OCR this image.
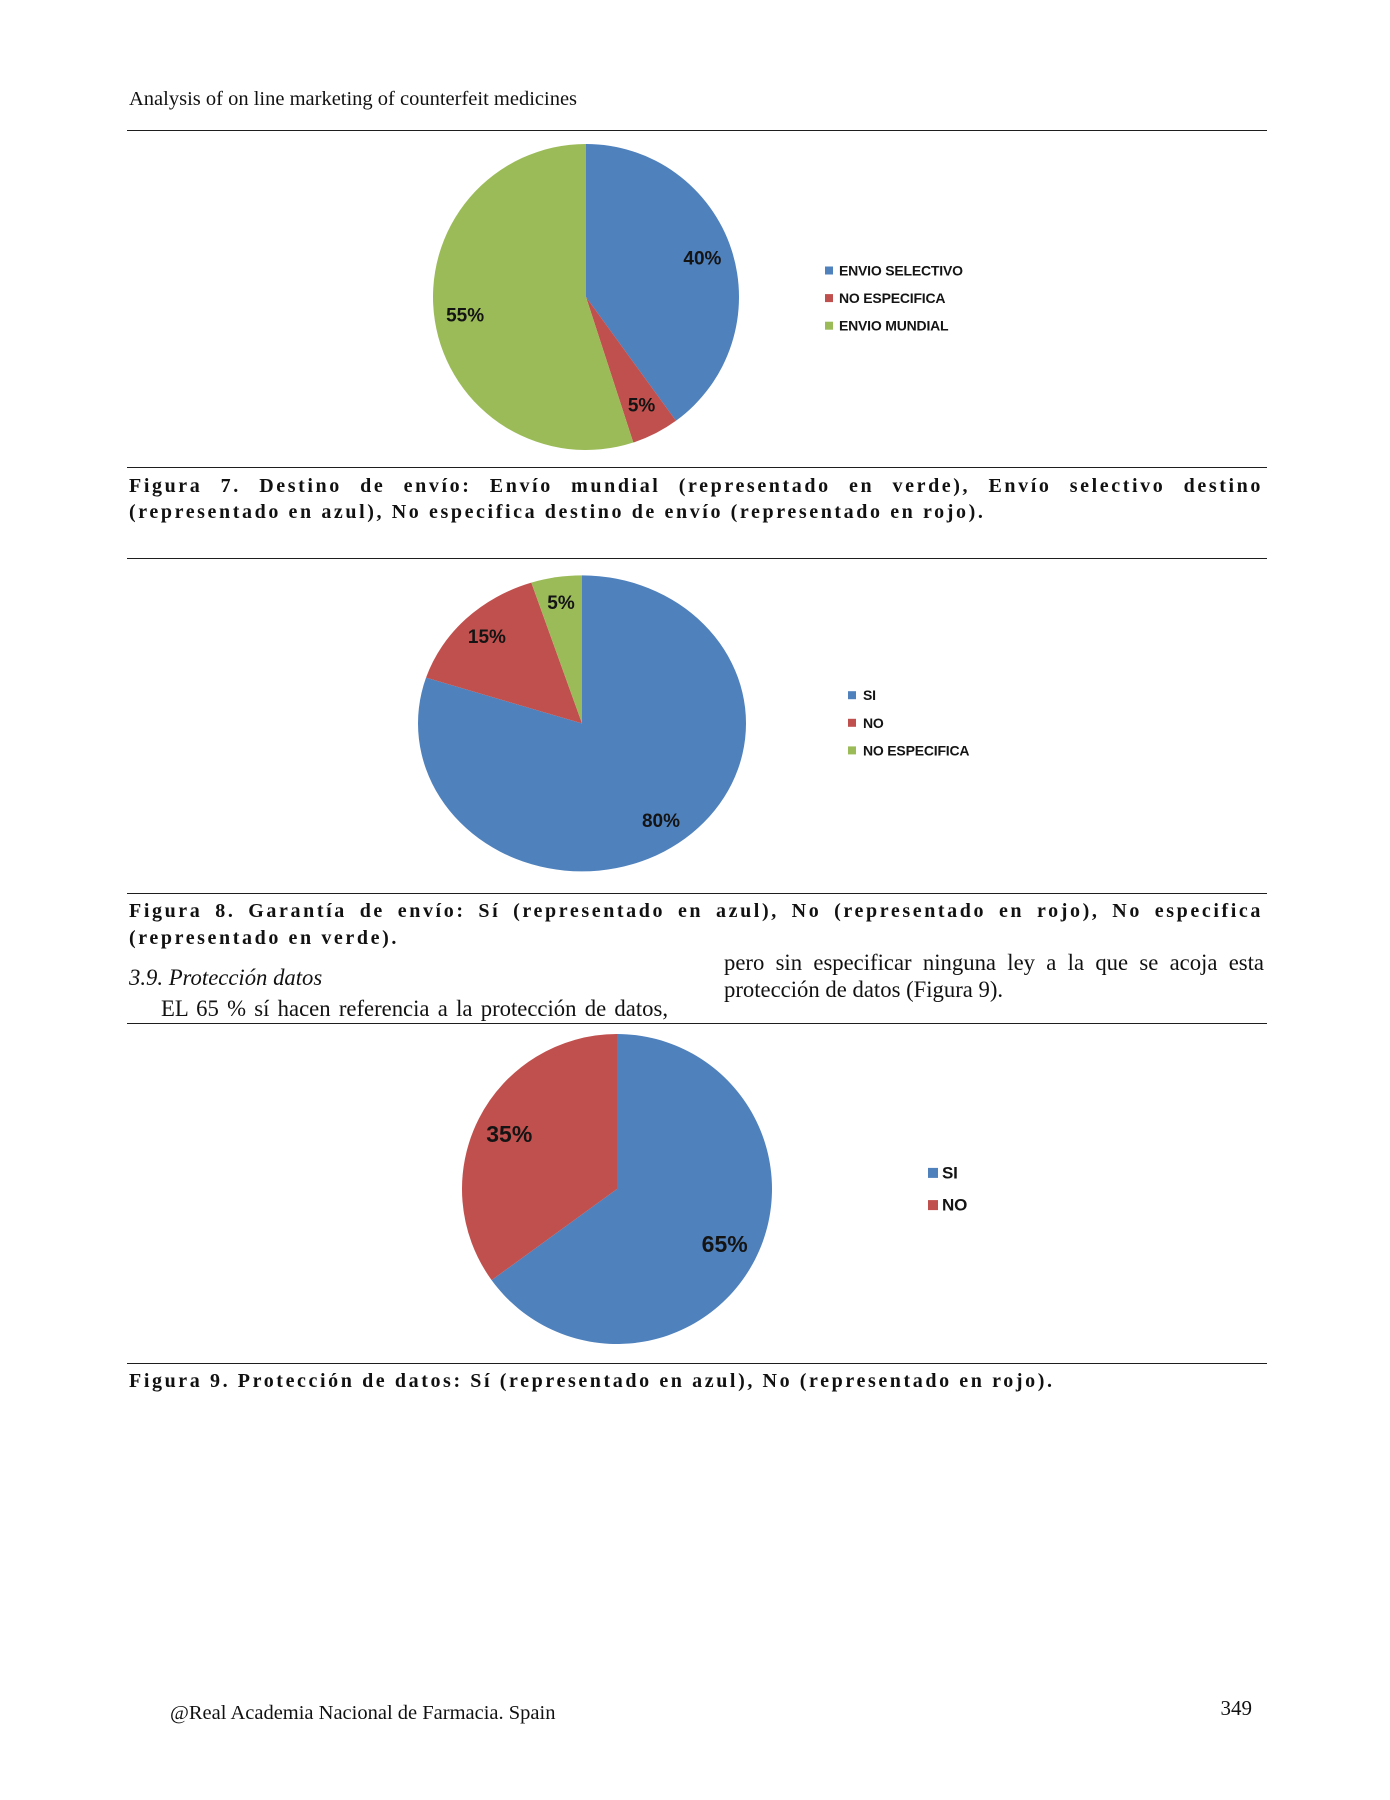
Analysis of on line marketing of counterfeit medicines
40%
5%
55%
ENVIO SELECTIVO
NO ESPECIFICA
ENVIO MUNDIAL
Figura 7. Destino de envío: Envío mundial (representado en verde), Envío selectivo destino (representado en azul), No especifica destino de envío (representado en rojo).
80%
15%
5%
SI
NO
NO ESPECIFICA
Figura 8. Garantía de envío: Sí (representado en azul), No (representado en rojo), No especifica (representado en verde).
3.9. Protección datos
EL 65 % sí hacen referencia a la protección de datos,
pero sin especificar ninguna ley a la que se acoja esta protección de datos (Figura 9).
65%
35%
SI
NO
Figura 9. Protección de datos: Sí (representado en azul), No (representado en rojo).
@Real Academia Nacional de Farmacia. Spain	349
